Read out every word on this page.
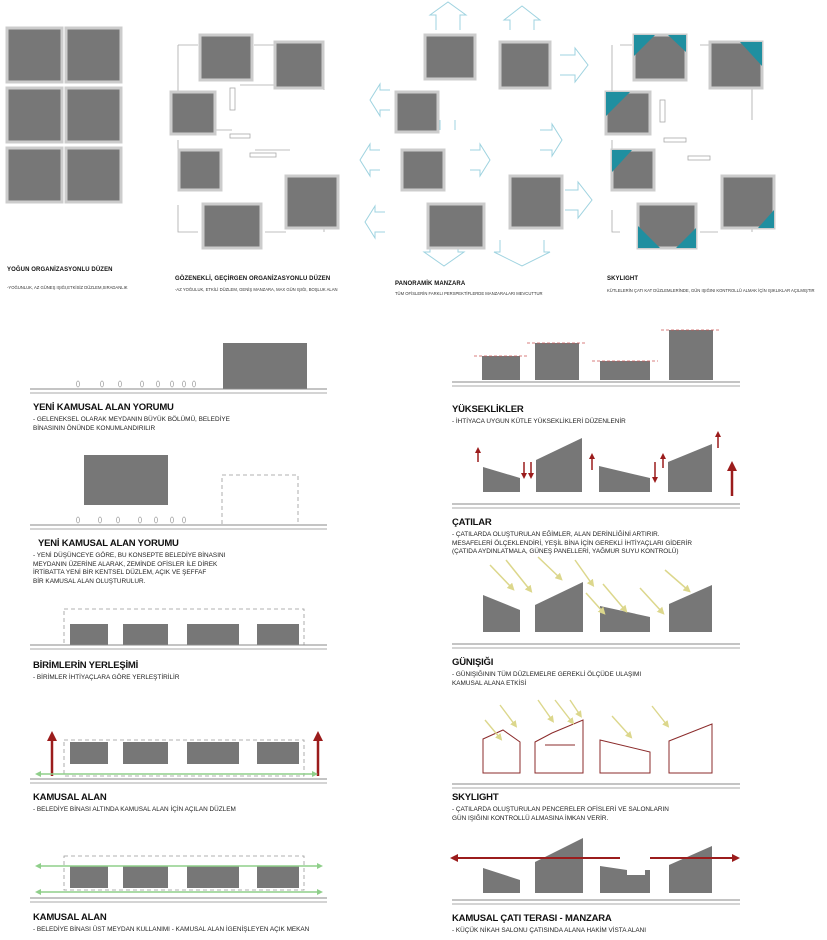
YOĞUN ORGANİZASYONLU DÜZEN
-YOĞUNLUK, AZ GÜNEŞ IŞIĞI,ETKİSİZ DÜZLEM,SIRADANLIK
GÖZENEKLİ, GEÇİRGEN ORGANİZASYONLU DÜZEN
-AZ YOĞULUK, ETKİLİ DÜZLEM, GENİŞ MANZARA, MAX GÜN IŞIĞI, BOŞLUK ALAN
PANORAMİK MANZARA
TÜM OFİSLERİN FARKLI PERSPEKTİFLERDE MANZARALARI MEVCUTTUR
SKYLIGHT
KÜTLELERİN ÇATI KAT DÜZLEMLERİNDE, GÜN IŞIĞINI KONTROLLÜ ALMAK İÇİN IŞIKLIKLAR AÇILMIŞTIR
YENİ KAMUSAL ALAN YORUMU
- GELENEKSEL OLARAK MEYDANIN BÜYÜK BÖLÜMÜ, BELEDİYE
BİNASININ ÖNÜNDE KONUMLANDIRILIR
YENİ KAMUSAL ALAN YORUMU
- YENİ DÜŞÜNCEYE GÖRE, BU KONSEPTE BELEDİYE BİNASINI
MEYDANIN ÜZERİNE ALARAK, ZEMİNDE OFİSLER İLE DİREK
İRTİBATTA YENİ BİR KENTSEL DÜZLEM, AÇIK VE ŞEFFAF
BİR KAMUSAL ALAN OLUŞTURULUR.
BİRİMLERİN YERLEŞİMİ
- BİRİMLER İHTİYAÇLARA GÖRE YERLEŞTİRİLİR
KAMUSAL ALAN
- BELEDİYE BİNASI ALTINDA KAMUSAL ALAN İÇİN AÇILAN DÜZLEM
KAMUSAL ALAN
- BELEDİYE BİNASI ÜST MEYDAN KULLANIMI - KAMUSAL ALAN İGENİŞLEYEN AÇIK MEKAN
YÜKSEKLİKLER
- İHTİYACA UYGUN KÜTLE YÜKSEKLİKLERİ DÜZENLENİR
ÇATILAR
- ÇATILARDA OLUŞTURULAN EĞİMLER, ALAN DERİNLİĞİNİ ARTIRIR.
MESAFELERİ ÖLÇEKLENDİRİ, YEŞİL BİNA İÇİN GEREKLİ İHTİYAÇLARI GİDERİR
(ÇATIDA AYDINLATMALA, GÜNEŞ PANELLERİ, YAĞMUR SUYU KONTROLÜ)
GÜNIŞIĞI
- GÜNIŞIĞININ TÜM DÜZLEMELRE GEREKLİ ÖLÇÜDE ULAŞIMI
KAMUSAL ALANA ETKİSİ
SKYLIGHT
- ÇATILARDA OLUŞTURULAN PENCERELER OFİSLERİ VE SALONLARIN
GÜN IŞIĞINI KONTROLLÜ ALMASINA İMKAN VERİR.
KAMUSAL ÇATI TERASI - MANZARA
- KÜÇÜK NİKAH SALONU ÇATISINDA ALANA HAKİM VİSTA ALANI
